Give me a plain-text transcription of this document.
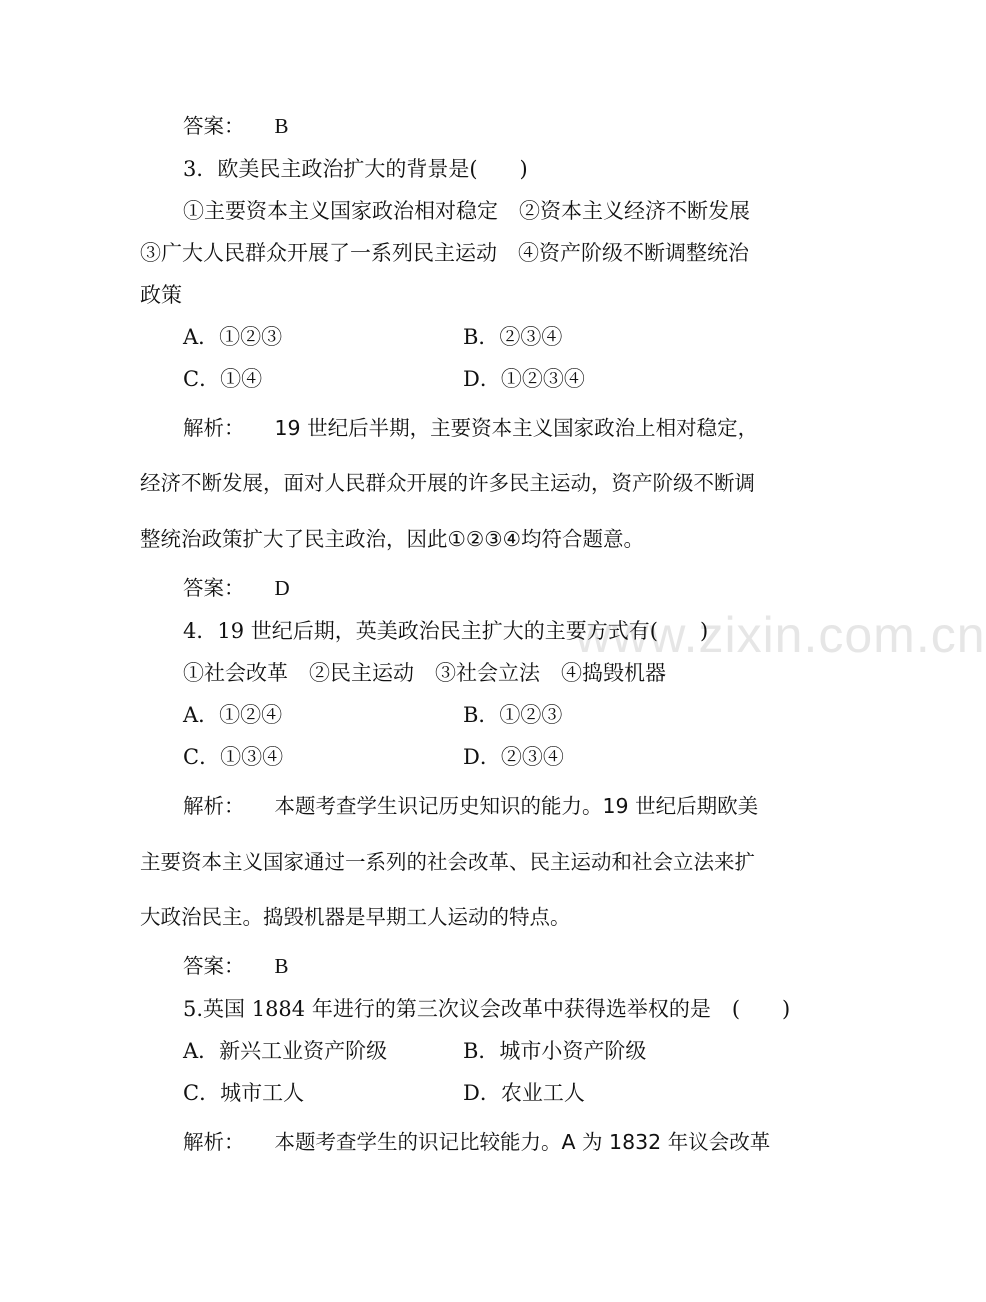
www.zixin.com.cn
答案： B
3．欧美民主政治扩大的背景是(　　)
①主要资本主义国家政治相对稳定　②资本主义经济不断发展
③广大人民群众开展了一系列民主运动　④资产阶级不断调整统治
政策
A．①②③	B．②③④
C．①④	D．①②③④
解析： 19 世纪后半期，主要资本主义国家政治上相对稳定，
经济不断发展，面对人民群众开展的许多民主运动，资产阶级不断调
整统治政策扩大了民主政治，因此①②③④均符合题意。
答案： D
4．19 世纪后期，英美政治民主扩大的主要方式有(　　)
①社会改革　②民主运动　③社会立法　④捣毁机器
A．①②④	B．①②③
C．①③④	D．②③④
解析： 本题考查学生识记历史知识的能力。19 世纪后期欧美
主要资本主义国家通过一系列的社会改革、民主运动和社会立法来扩
大政治民主。捣毁机器是早期工人运动的特点。
答案： B
5.英国 1884 年进行的第三次议会改革中获得选举权的是　(　　)
A．新兴工业资产阶级	B．城市小资产阶级
C．城市工人	D．农业工人
解析： 本题考查学生的识记比较能力。A 为 1832 年议会改革
